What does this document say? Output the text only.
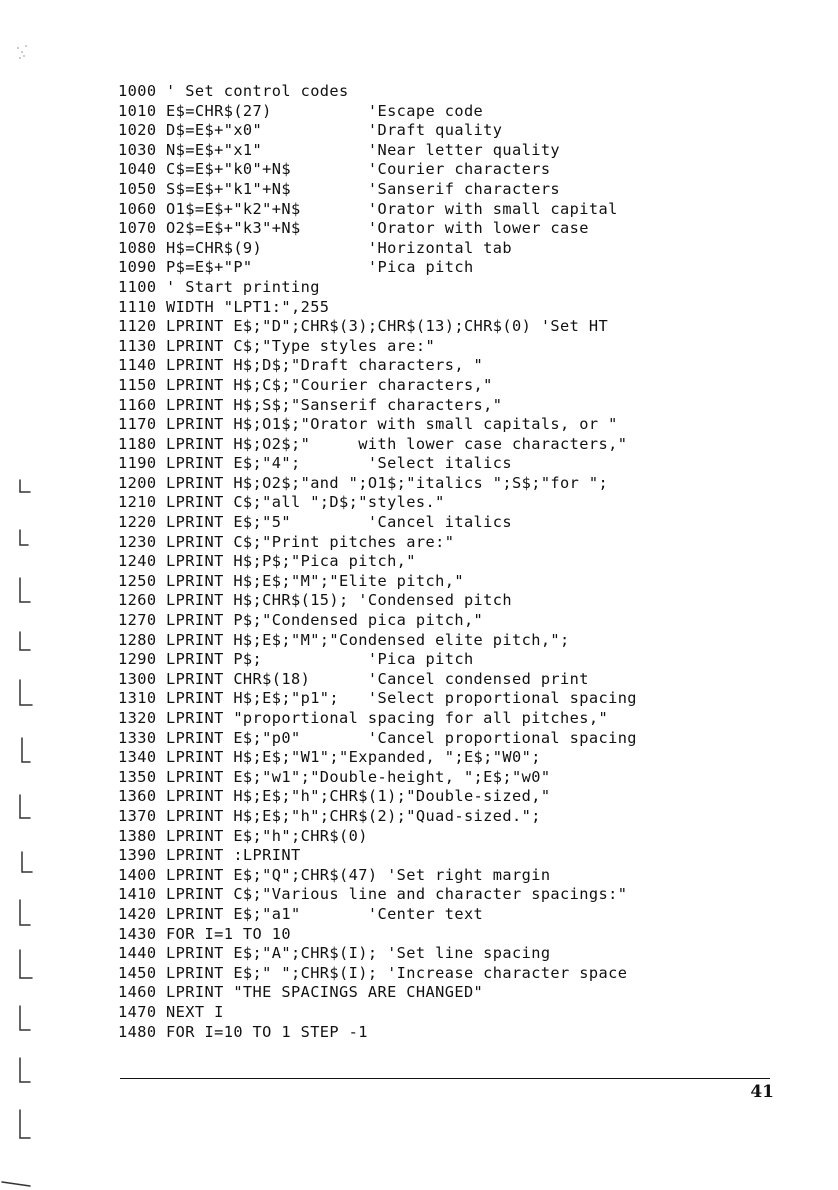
1000 ' Set control codes
1010 E$=CHR$(27)          'Escape code
1020 D$=E$+"x0"           'Draft quality
1030 N$=E$+"x1"           'Near letter quality
1040 C$=E$+"k0"+N$        'Courier characters
1050 S$=E$+"k1"+N$        'Sanserif characters
1060 O1$=E$+"k2"+N$       'Orator with small capital
1070 O2$=E$+"k3"+N$       'Orator with lower case
1080 H$=CHR$(9)           'Horizontal tab
1090 P$=E$+"P"            'Pica pitch
1100 ' Start printing
1110 WIDTH "LPT1:",255
1120 LPRINT E$;"D";CHR$(3);CHR$(13);CHR$(0) 'Set HT
1130 LPRINT C$;"Type styles are:"
1140 LPRINT H$;D$;"Draft characters, "
1150 LPRINT H$;C$;"Courier characters,"
1160 LPRINT H$;S$;"Sanserif characters,"
1170 LPRINT H$;O1$;"Orator with small capitals, or "
1180 LPRINT H$;O2$;"     with lower case characters,"
1190 LPRINT E$;"4";       'Select italics
1200 LPRINT H$;O2$;"and ";O1$;"italics ";S$;"for ";
1210 LPRINT C$;"all ";D$;"styles."
1220 LPRINT E$;"5"        'Cancel italics
1230 LPRINT C$;"Print pitches are:"
1240 LPRINT H$;P$;"Pica pitch,"
1250 LPRINT H$;E$;"M";"Elite pitch,"
1260 LPRINT H$;CHR$(15); 'Condensed pitch
1270 LPRINT P$;"Condensed pica pitch,"
1280 LPRINT H$;E$;"M";"Condensed elite pitch,";
1290 LPRINT P$;           'Pica pitch
1300 LPRINT CHR$(18)      'Cancel condensed print
1310 LPRINT H$;E$;"p1";   'Select proportional spacing
1320 LPRINT "proportional spacing for all pitches,"
1330 LPRINT E$;"p0"       'Cancel proportional spacing
1340 LPRINT H$;E$;"W1";"Expanded, ";E$;"W0";
1350 LPRINT E$;"w1";"Double-height, ";E$;"w0"
1360 LPRINT H$;E$;"h";CHR$(1);"Double-sized,"
1370 LPRINT H$;E$;"h";CHR$(2);"Quad-sized.";
1380 LPRINT E$;"h";CHR$(0)
1390 LPRINT :LPRINT
1400 LPRINT E$;"Q";CHR$(47) 'Set right margin
1410 LPRINT C$;"Various line and character spacings:"
1420 LPRINT E$;"a1"       'Center text
1430 FOR I=1 TO 10
1440 LPRINT E$;"A";CHR$(I); 'Set line spacing
1450 LPRINT E$;" ";CHR$(I); 'Increase character space
1460 LPRINT "THE SPACINGS ARE CHANGED"
1470 NEXT I
1480 FOR I=10 TO 1 STEP -1
41
